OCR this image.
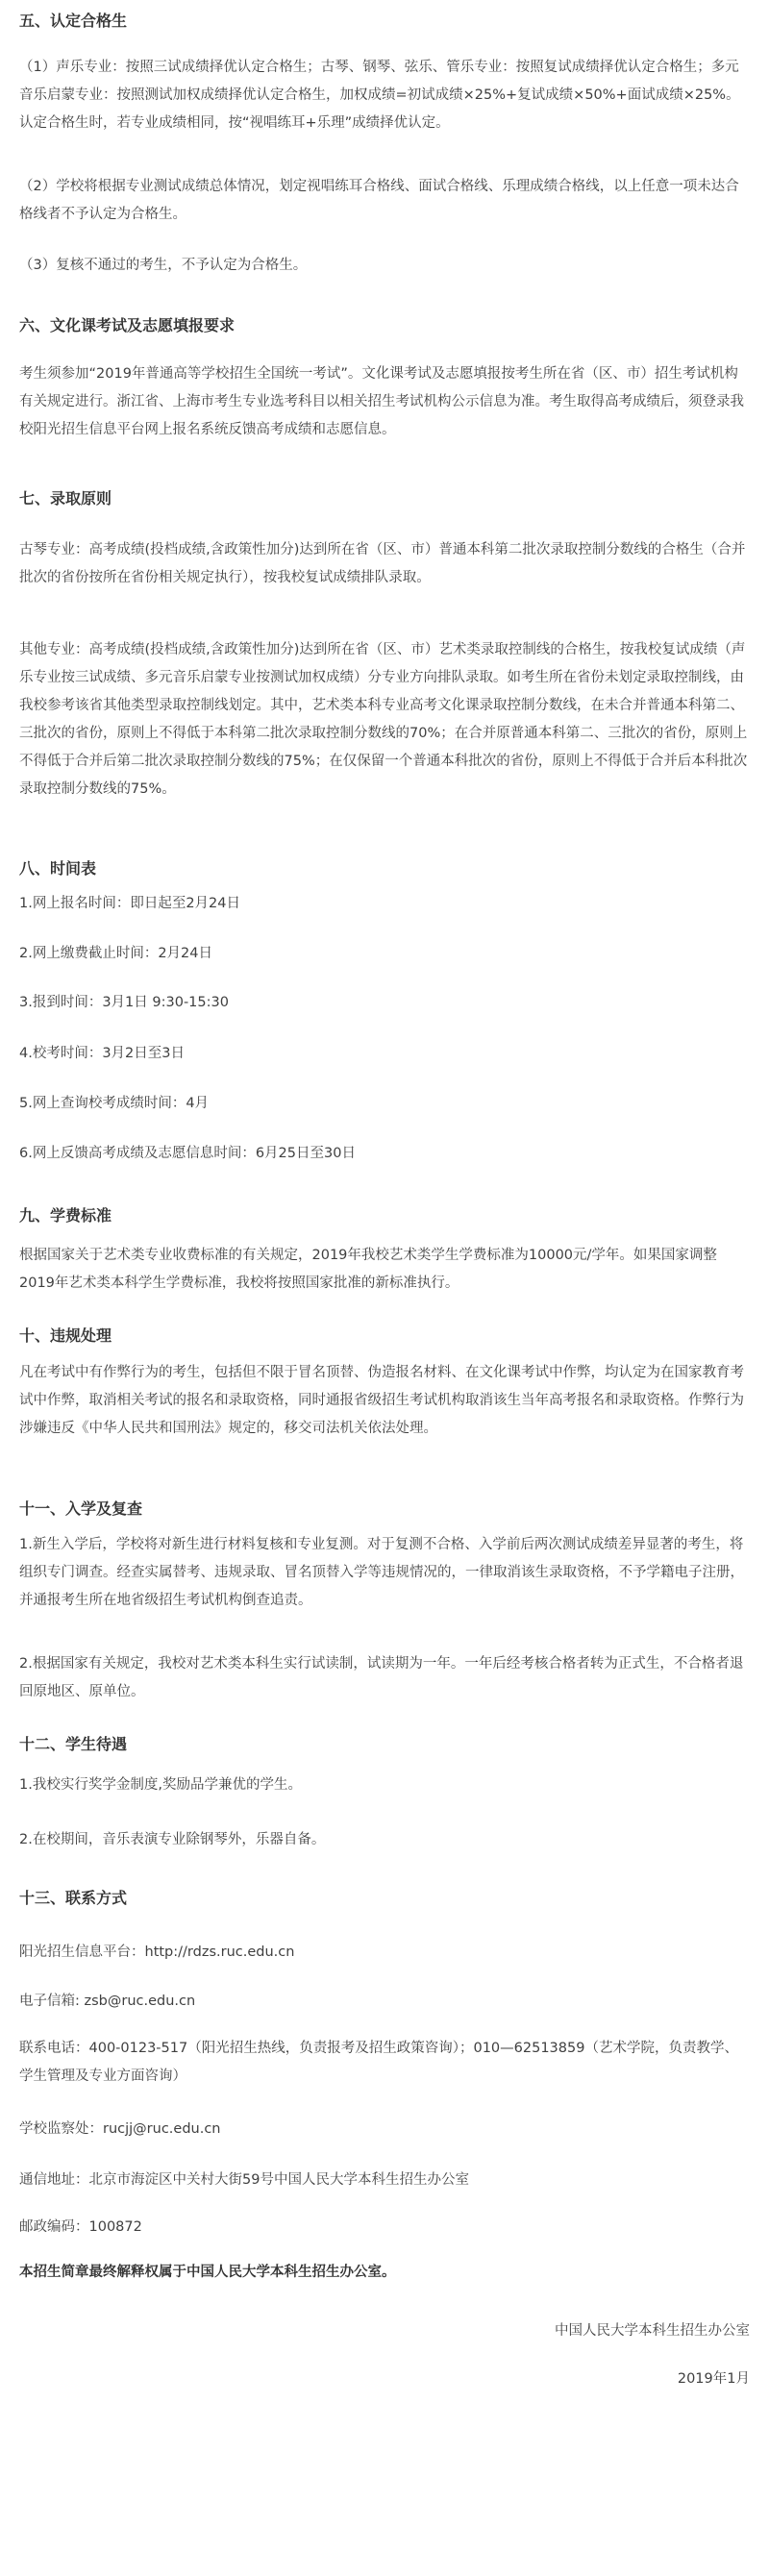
五、认定合格生

（1）声乐专业：按照三试成绩择优认定合格生；古琴、钢琴、弦乐、管乐专业：按照复试成绩择优认定合格生；多元音乐启蒙专业：按照测试加权成绩择优认定合格生，加权成绩=初试成绩×25%+复试成绩×50%+面试成绩×25%。认定合格生时，若专业成绩相同，按“视唱练耳+乐理”成绩择优认定。

（2）学校将根据专业测试成绩总体情况，划定视唱练耳合格线、面试合格线、乐理成绩合格线，以上任意一项未达合格线者不予认定为合格生。

（3）复核不通过的考生，不予认定为合格生。

六、文化课考试及志愿填报要求

考生须参加“2019年普通高等学校招生全国统一考试”。文化课考试及志愿填报按考生所在省（区、市）招生考试机构有关规定进行。浙江省、上海市考生专业选考科目以相关招生考试机构公示信息为准。考生取得高考成绩后，须登录我校阳光招生信息平台网上报名系统反馈高考成绩和志愿信息。

七、录取原则

古琴专业：高考成绩(投档成绩,含政策性加分)达到所在省（区、市）普通本科第二批次录取控制分数线的合格生（合并批次的省份按所在省份相关规定执行），按我校复试成绩排队录取。

其他专业：高考成绩(投档成绩,含政策性加分)达到所在省（区、市）艺术类录取控制线的合格生，按我校复试成绩（声乐专业按三试成绩、多元音乐启蒙专业按测试加权成绩）分专业方向排队录取。如考生所在省份未划定录取控制线，由我校参考该省其他类型录取控制线划定。其中，艺术类本科专业高考文化课录取控制分数线，在未合并普通本科第二、三批次的省份，原则上不得低于本科第二批次录取控制分数线的70%；在合并原普通本科第二、三批次的省份，原则上不得低于合并后第二批次录取控制分数线的75%；在仅保留一个普通本科批次的省份，原则上不得低于合并后本科批次录取控制分数线的75%。

八、时间表

1.网上报名时间：即日起至2月24日

2.网上缴费截止时间：2月24日

3.报到时间：3月1日 9:30-15:30

4.校考时间：3月2日至3日

5.网上查询校考成绩时间：4月

6.网上反馈高考成绩及志愿信息时间：6月25日至30日

九、学费标准

根据国家关于艺术类专业收费标准的有关规定，2019年我校艺术类学生学费标准为10000元/学年。如果国家调整2019年艺术类本科学生学费标准，我校将按照国家批准的新标准执行。

十、违规处理

凡在考试中有作弊行为的考生，包括但不限于冒名顶替、伪造报名材料、在文化课考试中作弊，均认定为在国家教育考试中作弊，取消相关考试的报名和录取资格，同时通报省级招生考试机构取消该生当年高考报名和录取资格。作弊行为涉嫌违反《中华人民共和国刑法》规定的，移交司法机关依法处理。

十一、入学及复查

1.新生入学后，学校将对新生进行材料复核和专业复测。对于复测不合格、入学前后两次测试成绩差异显著的考生，将组织专门调查。经查实属替考、违规录取、冒名顶替入学等违规情况的，一律取消该生录取资格，不予学籍电子注册，并通报考生所在地省级招生考试机构倒查追责。

2.根据国家有关规定，我校对艺术类本科生实行试读制，试读期为一年。一年后经考核合格者转为正式生，不合格者退回原地区、原单位。

十二、学生待遇

1.我校实行奖学金制度,奖励品学兼优的学生。

2.在校期间，音乐表演专业除钢琴外，乐器自备。

十三、联系方式

阳光招生信息平台：http://rdzs.ruc.edu.cn

电子信箱: zsb@ruc.edu.cn

联系电话：400-0123-517（阳光招生热线，负责报考及招生政策咨询）；010—62513859（艺术学院，负责教学、学生管理及专业方面咨询）

学校监察处：rucjj@ruc.edu.cn

通信地址：北京市海淀区中关村大街59号中国人民大学本科生招生办公室

邮政编码：100872

本招生简章最终解释权属于中国人民大学本科生招生办公室。

中国人民大学本科生招生办公室

2019年1月
